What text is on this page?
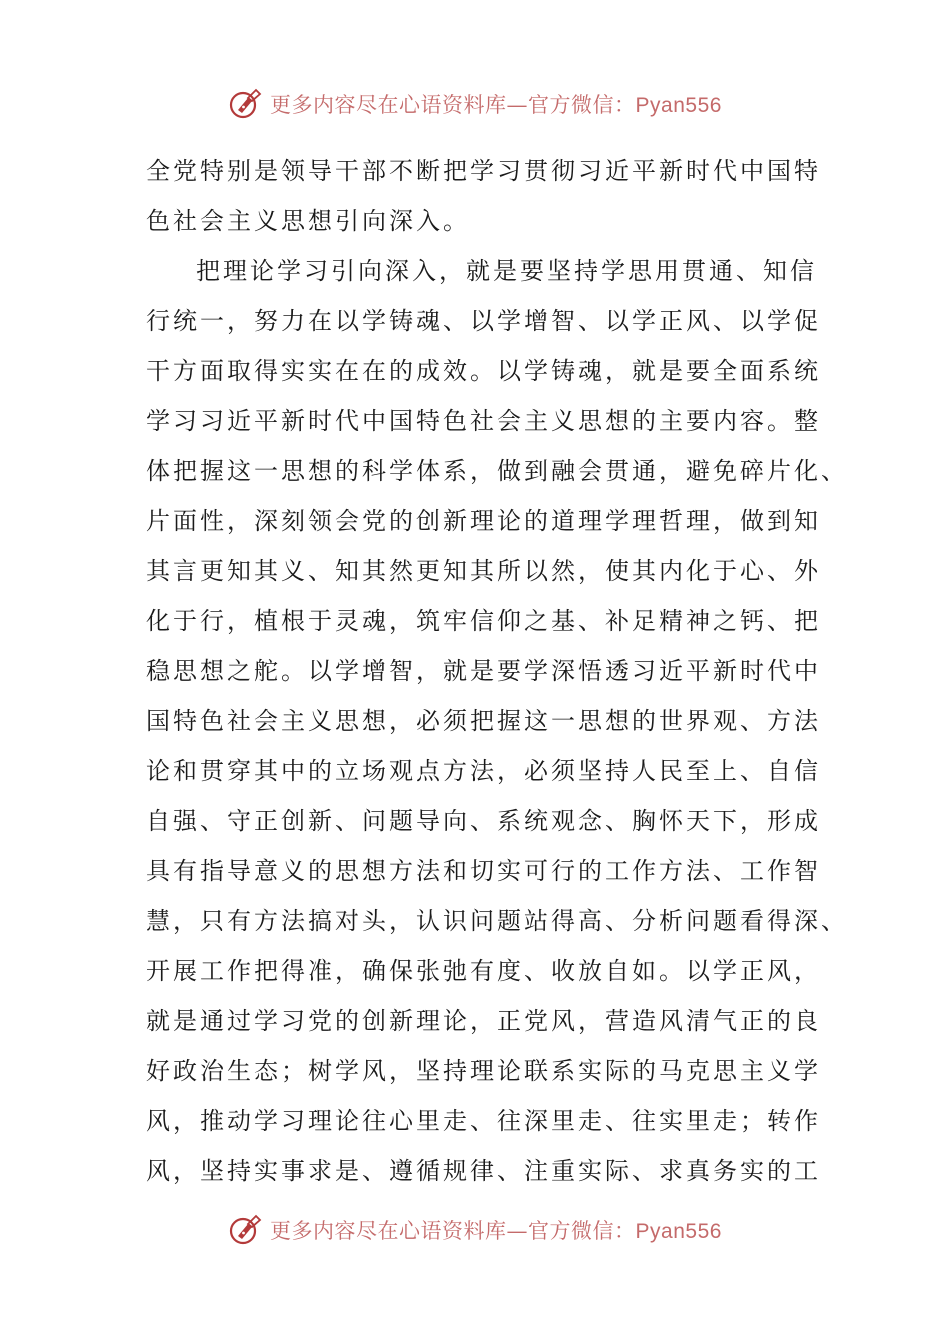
更多内容尽在心语资料库—官方微信：Pyan556
全党特别是领导干部不断把学习贯彻习近平新时代中国特
色社会主义思想引向深入。
把理论学习引向深入，就是要坚持学思用贯通、知信
行统一，努力在以学铸魂、以学增智、以学正风、以学促
干方面取得实实在在的成效。以学铸魂，就是要全面系统
学习习近平新时代中国特色社会主义思想的主要内容。整
体把握这一思想的科学体系，做到融会贯通，避免碎片化、
片面性，深刻领会党的创新理论的道理学理哲理，做到知
其言更知其义、知其然更知其所以然，使其内化于心、外
化于行，植根于灵魂，筑牢信仰之基、补足精神之钙、把
稳思想之舵。以学增智，就是要学深悟透习近平新时代中
国特色社会主义思想，必须把握这一思想的世界观、方法
论和贯穿其中的立场观点方法，必须坚持人民至上、自信
自强、守正创新、问题导向、系统观念、胸怀天下，形成
具有指导意义的思想方法和切实可行的工作方法、工作智
慧，只有方法搞对头，认识问题站得高、分析问题看得深、
开展工作把得准，确保张弛有度、收放自如。以学正风，
就是通过学习党的创新理论，正党风，营造风清气正的良
好政治生态；树学风，坚持理论联系实际的马克思主义学
风，推动学习理论往心里走、往深里走、往实里走；转作
风，坚持实事求是、遵循规律、注重实际、求真务实的工
更多内容尽在心语资料库—官方微信：Pyan556
